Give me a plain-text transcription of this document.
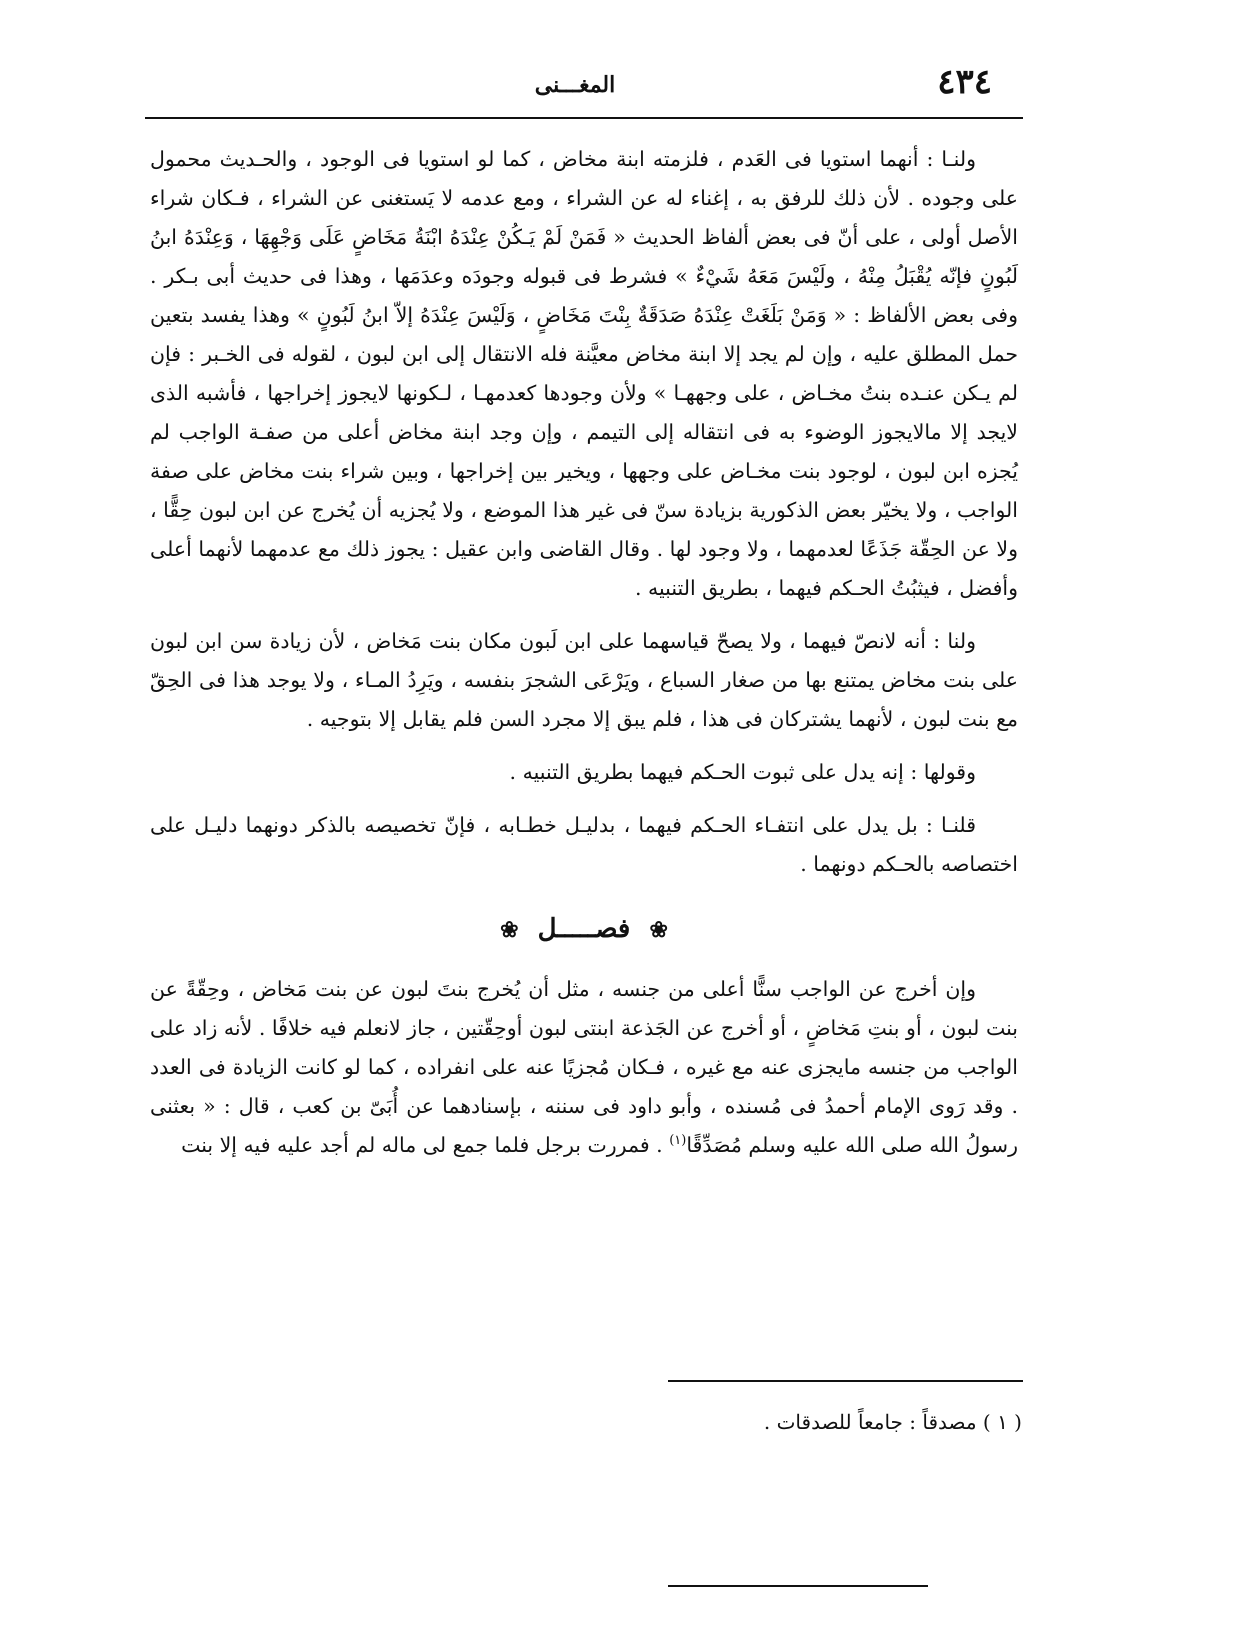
٤٣٤
المغـــنى

ولنـا : أنهما استويا فى العَدم ، فلزمته ابنة مخاض ، كما لو استويا فى الوجود ، والحـديث محمول على وجوده . لأن ذلك للرفق به ، إغناء له عن الشراء ، ومع عدمه لا يَستغنى عن الشراء ، فـكان شراء الأصل أولى ، على أنّ فى بعض ألفاظ الحديث « فَمَنْ لَمْ يَـكُنْ عِنْدَهُ ابْنَةُ مَخَاضٍ عَلَى وَجْهِهَا ، وَعِنْدَهُ ابنُ لَبُونٍ فإنّه يُقْبَلُ مِنْهُ ، ولَيْسَ مَعَهُ شَيْءٌ » فشرط فى قبوله وجودَه وعدَمَها ، وهذا فى حديث أبى بـكر . وفى بعض الألفاظ : « وَمَنْ بَلَغَتْ عِنْدَهُ صَدَقَةٌ بِنْتَ مَخَاضٍ ، وَلَيْسَ عِنْدَهُ إلاّ ابنُ لَبُونٍ » وهذا يفسد بتعين حمل المطلق عليه ، وإن لم يجد إلا ابنة مخاض معيَّنة فله الانتقال إلى ابن لبون ، لقوله فى الخـبر : فإن لم يـكن عنـده بنتُ مخـاض ، على وجههـا » ولأن وجودها كعدمهـا ، لـكونها لايجوز إخراجها ، فأشبه الذى لايجد إلا مالايجوز الوضوء به فى انتقاله إلى التيمم ، وإن وجد ابنة مخاض أعلى من صفـة الواجب لم يُجزه ابن لبون ، لوجود بنت مخـاض على وجهها ، ويخير بين إخراجها ، وبين شراء بنت مخاض على صفة الواجب ، ولا يخيّر بعض الذكورية بزيادة سنّ فى غير هذا الموضع ، ولا يُجزيه أن يُخرج عن ابن لبون حِقًّا ، ولا عن الحِقّة جَذَعًا لعدمهما ، ولا وجود لها . وقال القاضى وابن عقيل : يجوز ذلك مع عدمهما لأنهما أعلى وأفضل ، فيثبُتُ الحـكم فيهما ، بطريق التنبيه .

ولنا : أنه لانصّ فيهما ، ولا يصحّ قياسهما على ابن لَبون مكان بنت مَخاض ، لأن زيادة سن ابن لبون على بنت مخاض يمتنع بها من صغار السباع ، ويَرْعَى الشجرَ بنفسه ، ويَرِدُ المـاء ، ولا يوجد هذا فى الحِقّ مع بنت لبون ، لأنهما يشتركان فى هذا ، فلم يبق إلا مجرد السن فلم يقابل إلا بتوجيه .

وقولها : إنه يدل على ثبوت الحـكم فيهما بطريق التنبيه .

قلنـا : بل يدل على انتفـاء الحـكم فيهما ، بدليـل خطـابه ، فإنّ تخصيصه بالذكر دونهما دليـل على اختصاصه بالحـكم دونهما .

❀ فصـــــل ❀

وإن أخرج عن الواجب سنًّا أعلى من جنسه ، مثل أن يُخرج بنتَ لبون عن بنت مَخاض ، وحِقّةً عن بنت لبون ، أو بنتِ مَخاضٍ ، أو أخرج عن الجَذعة ابنتى لبون أوحِقّتين ، جاز لانعلم فيه خلافًا . لأنه زاد على الواجب من جنسه مايجزى عنه مع غيره ، فـكان مُجزيًا عنه على انفراده ، كما لو كانت الزيادة فى العدد . وقد رَوى الإمام أحمدُ فى مُسنده ، وأبو داود فى سننه ، بإسنادهما عن أُبَىّ بن كعب ، قال : « بعثنى رسولُ الله صلى الله عليه وسلم مُصَدِّقًا$^{(١)}$ . فمررت برجل فلما جمع لى ماله لم أجد عليه فيه إلا بنت

( ١ ) مصدقاً : جامعاً للصدقات .
